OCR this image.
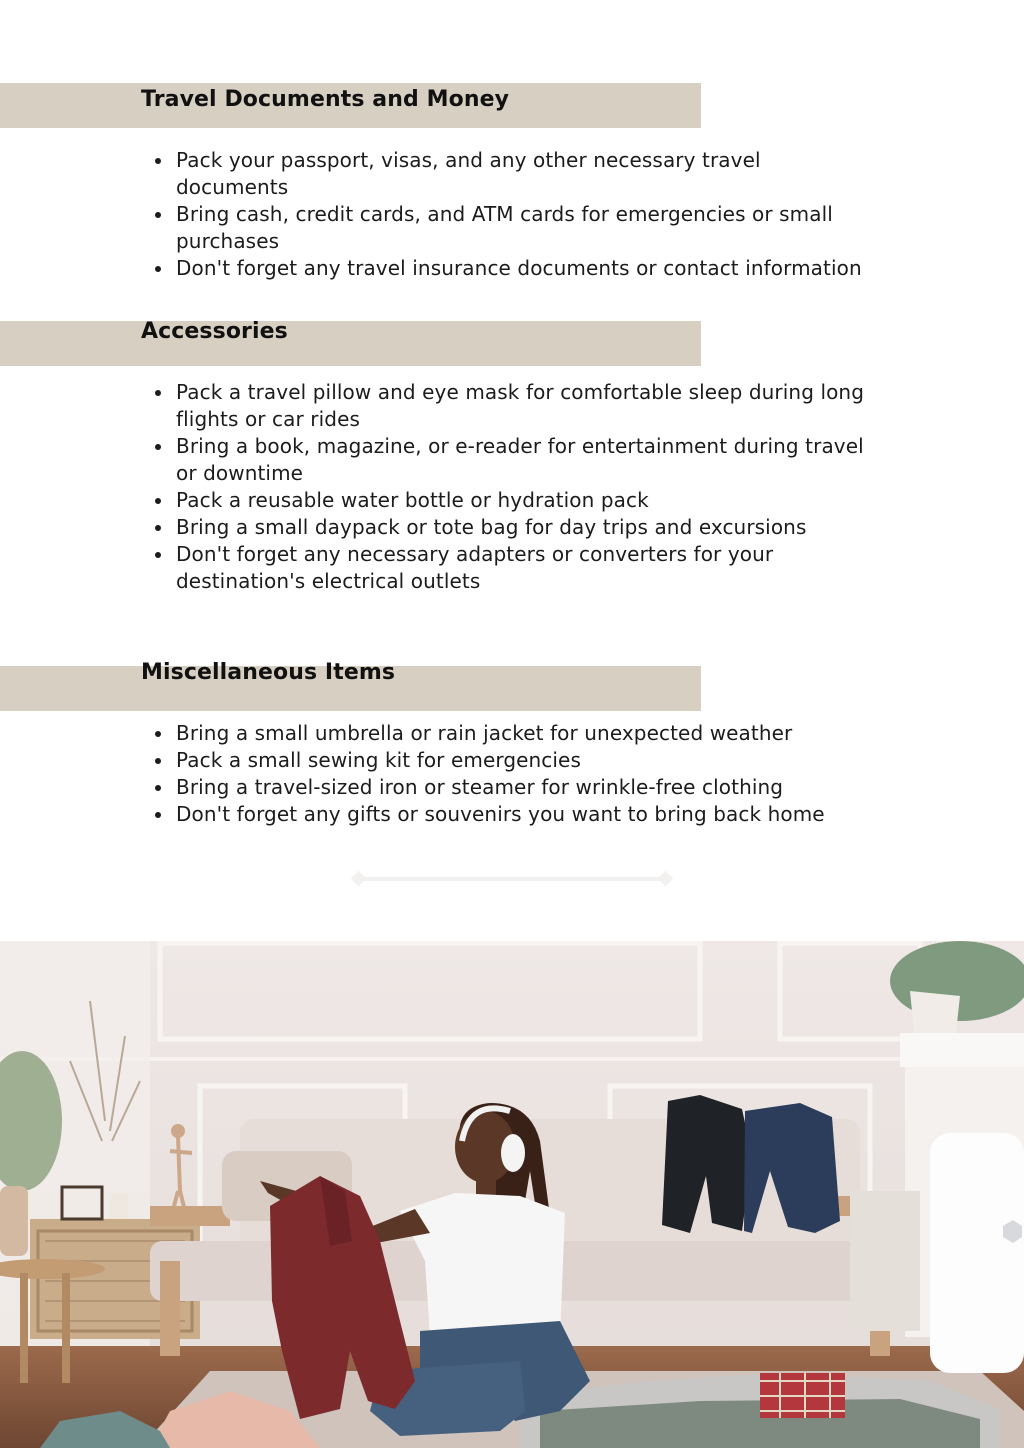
Travel Documents and Money
Pack your passport, visas, and any other necessary travel documents
Bring cash, credit cards, and ATM cards for emergencies or small purchases
Don't forget any travel insurance documents or contact information
Accessories
Pack a travel pillow and eye mask for comfortable sleep during long flights or car rides
Bring a book, magazine, or e-reader for entertainment during travel or downtime
Pack a reusable water bottle or hydration pack
Bring a small daypack or tote bag for day trips and excursions
Don't forget any necessary adapters or converters for your destination's electrical outlets
Miscellaneous Items
Bring a small umbrella or rain jacket for unexpected weather
Pack a small sewing kit for emergencies
Bring a travel-sized iron or steamer for wrinkle-free clothing
Don't forget any gifts or souvenirs you want to bring back home
